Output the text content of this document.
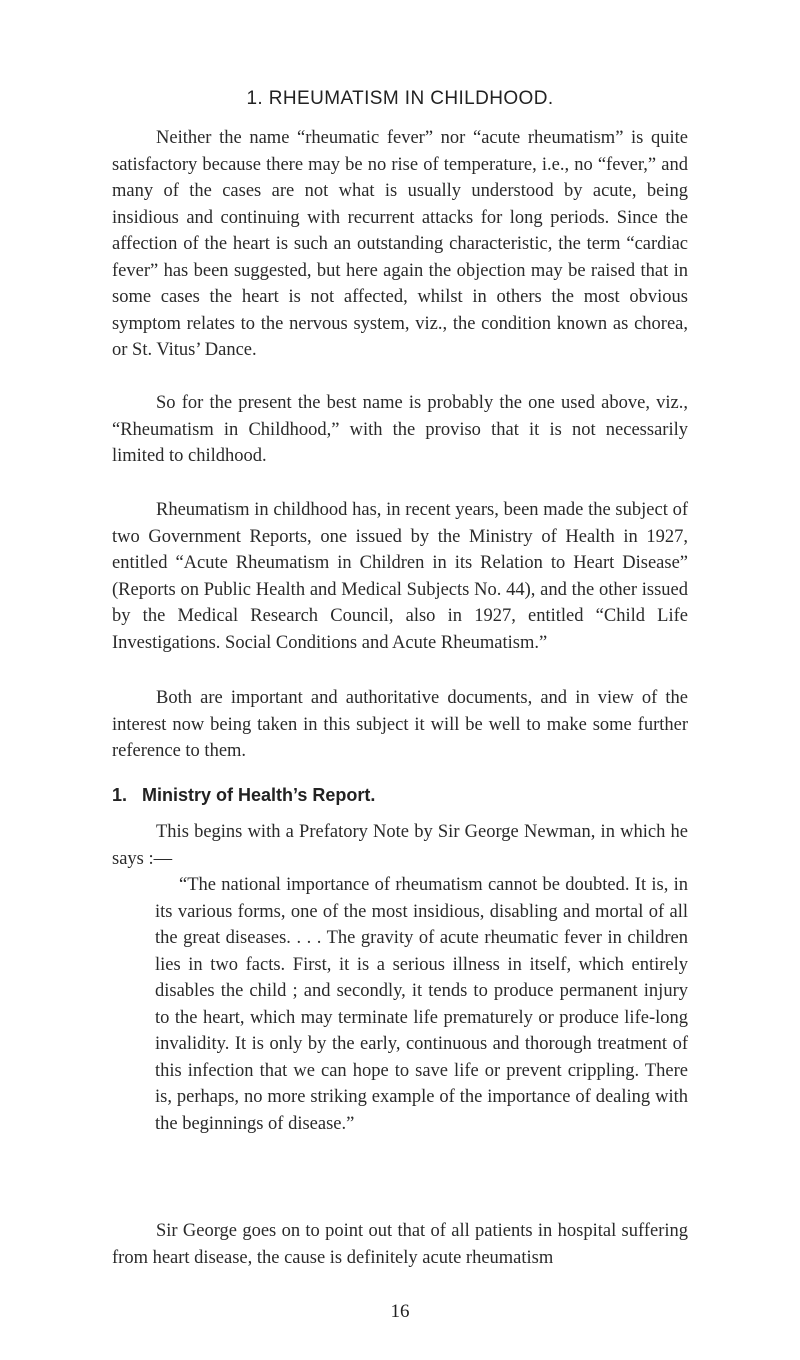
1. RHEUMATISM IN CHILDHOOD.

Neither the name “rheumatic fever” nor “acute rheumatism” is quite satisfactory because there may be no rise of temperature, i.e., no “fever,” and many of the cases are not what is usually understood by acute, being insidious and continuing with recurrent attacks for long periods. Since the affection of the heart is such an outstanding characteristic, the term “cardiac fever” has been suggested, but here again the objection may be raised that in some cases the heart is not affected, whilst in others the most obvious symptom relates to the nervous system, viz., the condition known as chorea, or St. Vitus’ Dance.

So for the present the best name is probably the one used above, viz., “Rheumatism in Childhood,” with the proviso that it is not necessarily limited to childhood.

Rheumatism in childhood has, in recent years, been made the subject of two Government Reports, one issued by the Ministry of Health in 1927, entitled “Acute Rheumatism in Children in its Relation to Heart Disease” (Reports on Public Health and Medical Subjects No. 44), and the other issued by the Medical Research Council, also in 1927, entitled “Child Life Investigations. Social Conditions and Acute Rheumatism.”

Both are important and authoritative documents, and in view of the interest now being taken in this subject it will be well to make some further reference to them.

1. Ministry of Health’s Report.

This begins with a Prefatory Note by Sir George Newman, in which he says :—

“The national importance of rheumatism cannot be doubted. It is, in its various forms, one of the most insidious, disabling and mortal of all the great diseases. . . . The gravity of acute rheumatic fever in children lies in two facts. First, it is a serious illness in itself, which entirely disables the child ; and secondly, it tends to produce permanent injury to the heart, which may terminate life prematurely or produce life-long invalidity. It is only by the early, continuous and thorough treatment of this infection that we can hope to save life or prevent crippling. There is, perhaps, no more striking example of the importance of dealing with the beginnings of disease.”

Sir George goes on to point out that of all patients in hospital suffering from heart disease, the cause is definitely acute rheumatism

16
